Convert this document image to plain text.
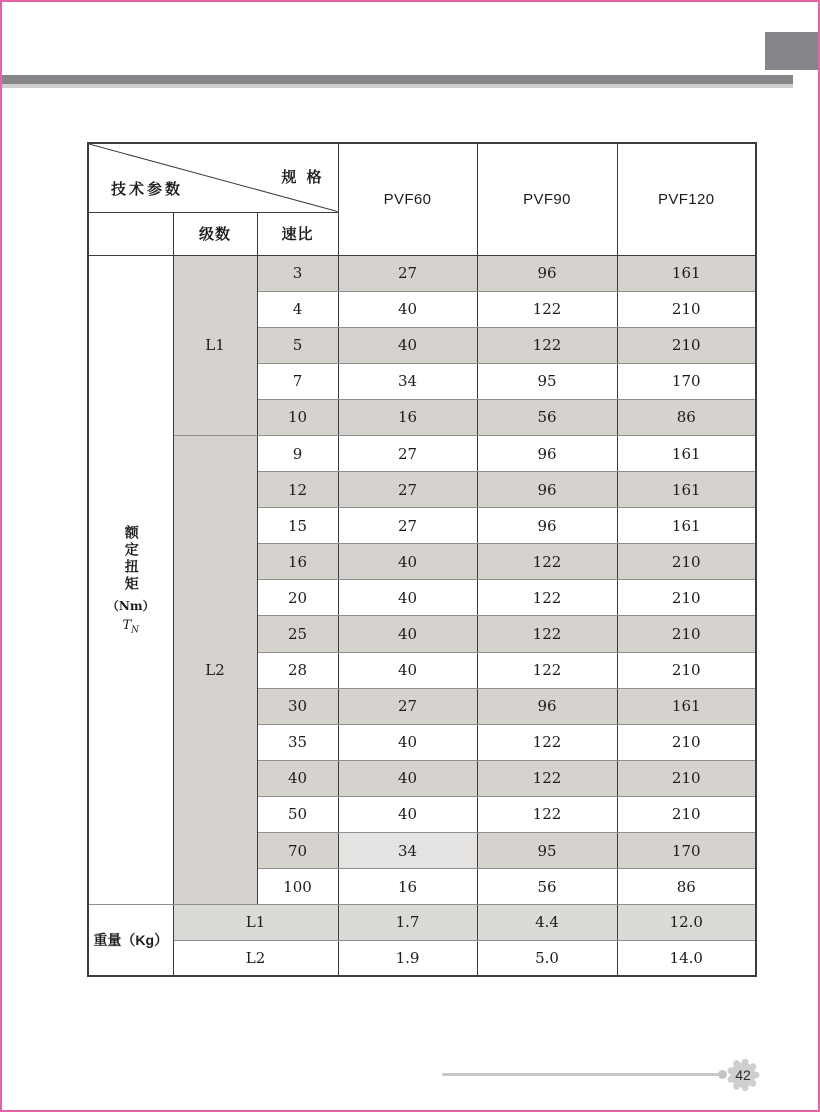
规 格
技术参数			PVF60	PVF90	PVF120
	级数	速比			

额定扭矩
（Nm）
$T_N$	L1	3	27	96	161
		4	40	122	210
		5	40	122	210
		7	34	95	170
		10	16	56	86
	L2	9	27	96	161
		12	27	96	161
		15	27	96	161
		16	40	122	210
		20	40	122	210
		25	40	122	210
		28	40	122	210
		30	27	96	161
		35	40	122	210
		40	40	122	210
		50	40	122	210
		70	34	95	170
		100	16	56	86
重量（Kg）	L1		1.7	4.4	12.0
	L2		1.9	5.0	14.0
42
